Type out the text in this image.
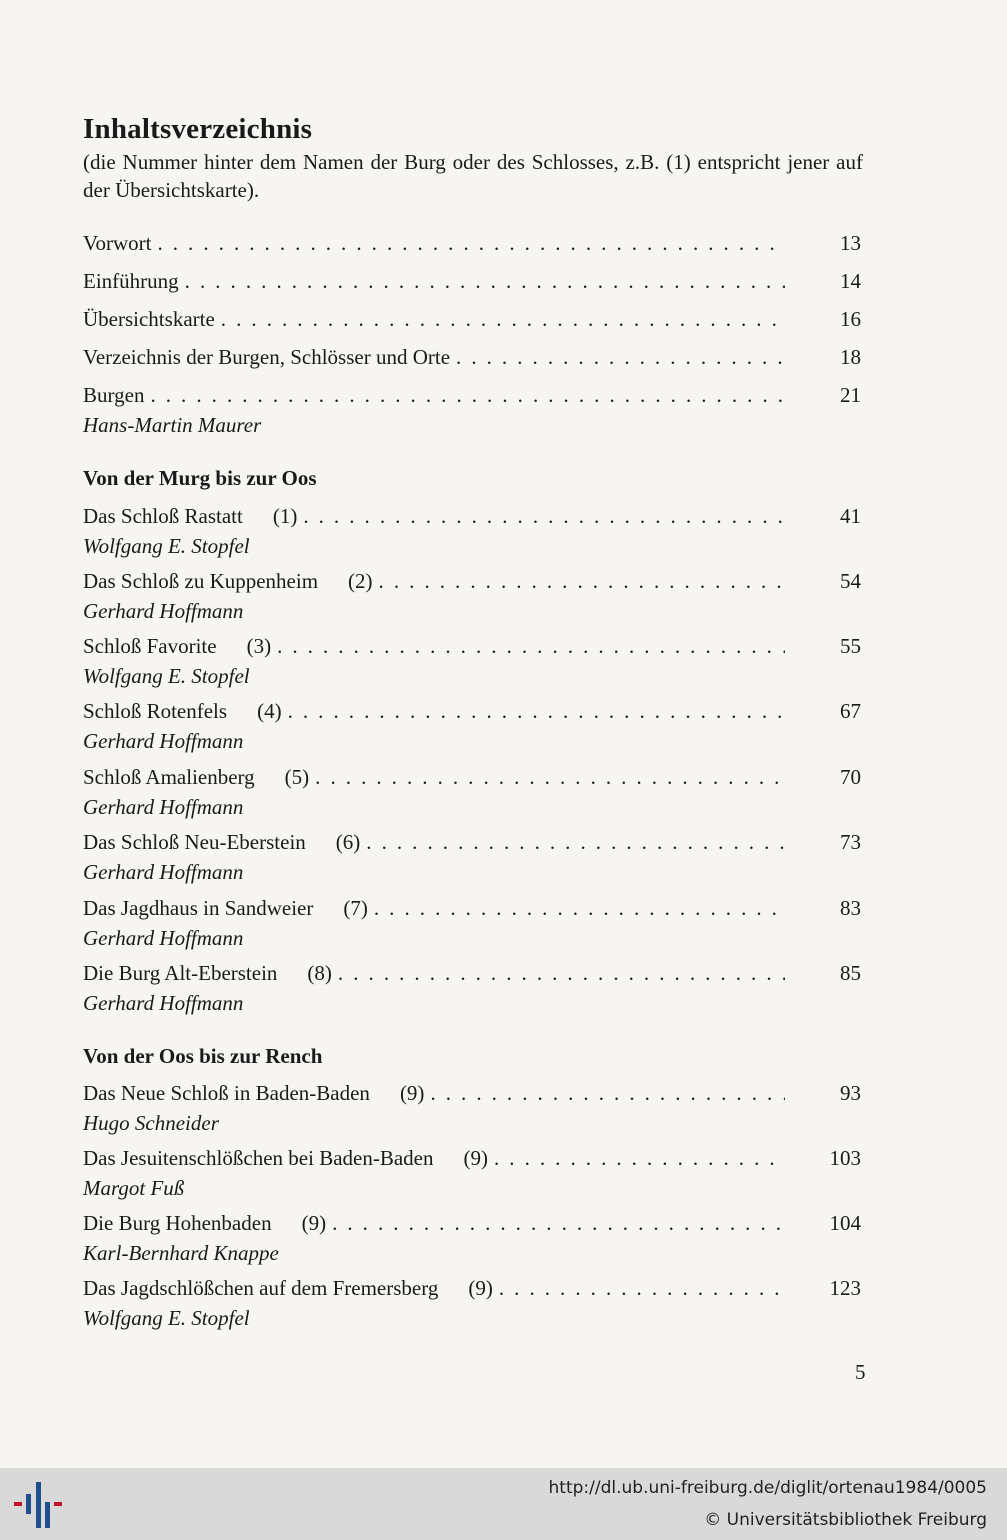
Inhaltsverzeichnis
(die Nummer hinter dem Namen der Burg oder des Schlosses, z.B. (1) entspricht jener auf der Übersichtskarte).
Vorwort . . .	13
Einführung . . .	14
Übersichtskarte . . .	16
Verzeichnis der Burgen, Schlösser und Orte . . .	18
Burgen . . .	21
Hans-Martin Maurer
Von der Murg bis zur Oos
Das Schloß Rastatt (1) . . .	41
Wolfgang E. Stopfel
Das Schloß zu Kuppenheim (2) . . .	54
Gerhard Hoffmann
Schloß Favorite (3) . . .	55
Wolfgang E. Stopfel
Schloß Rotenfels (4) . . .	67
Gerhard Hoffmann
Schloß Amalienberg (5) . . .	70
Gerhard Hoffmann
Das Schloß Neu-Eberstein (6) . . .	73
Gerhard Hoffmann
Das Jagdhaus in Sandweier (7) . . .	83
Gerhard Hoffmann
Die Burg Alt-Eberstein (8) . . .	85
Gerhard Hoffmann
Von der Oos bis zur Rench
Das Neue Schloß in Baden-Baden (9) . . .	93
Hugo Schneider
Das Jesuitenschlößchen bei Baden-Baden (9) . . .	103
Margot Fuß
Die Burg Hohenbaden (9) . . .	104
Karl-Bernhard Knappe
Das Jagdschlößchen auf dem Fremersberg (9) . . .	123
Wolfgang E. Stopfel
5
http://dl.ub.uni-freiburg.de/diglit/ortenau1984/0005
© Universitätsbibliothek Freiburg
